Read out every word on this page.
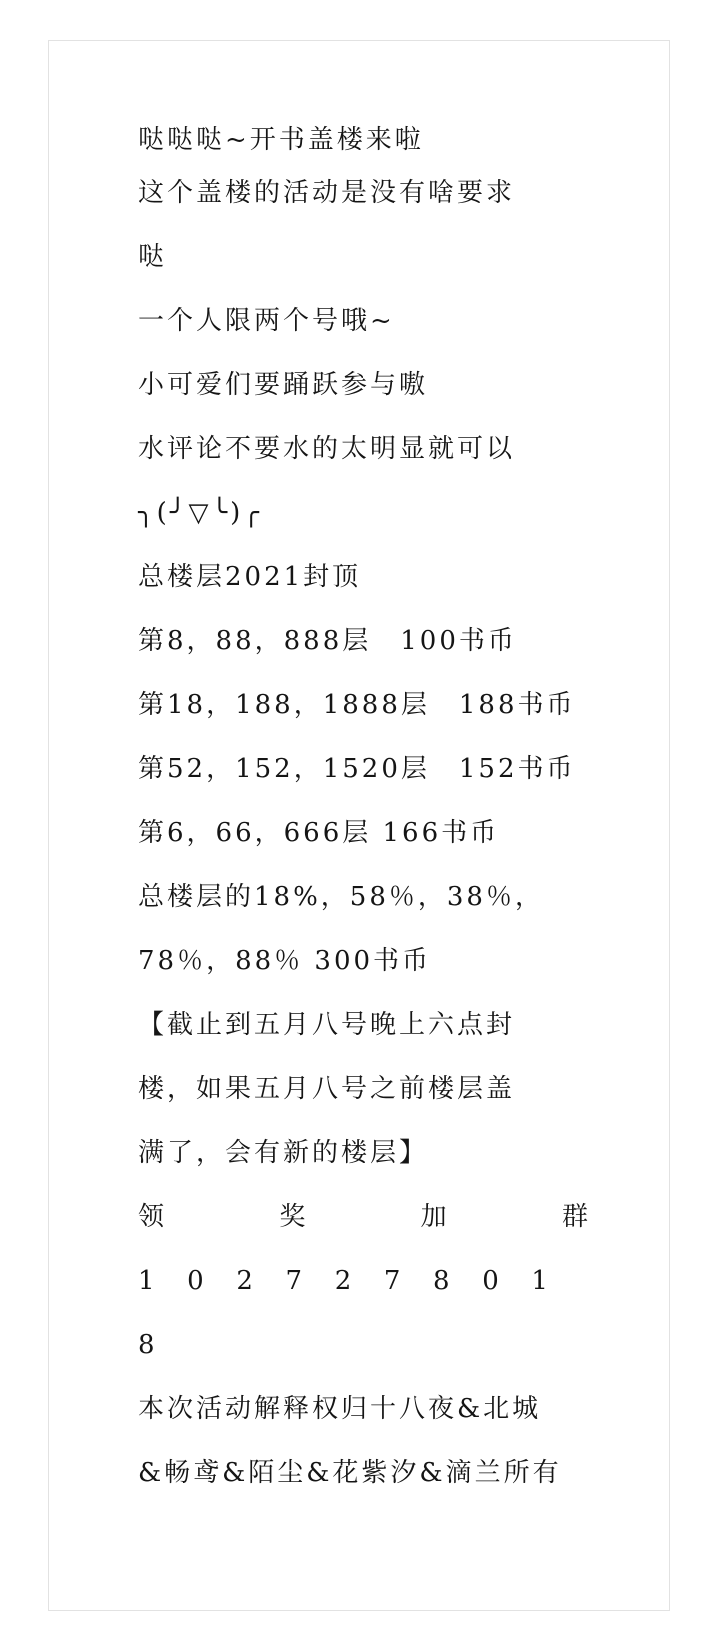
哒哒哒~开书盖楼来啦
这个盖楼的活动是没有啥要求
哒
一个人限两个号哦~
小可爱们要踊跃参与嗷
水评论不要水的太明显就可以
╮(╯▽╰)╭
总楼层2021封顶
第8，88，888层　100书币
第18，188，1888层　188书币
第52，152，1520层　152书币
第6，66，666层 166书币
总楼层的18%，58％，38％，
78％，88％ 300书币
【截止到五月八号晚上六点封
楼，如果五月八号之前楼层盖
满了，会有新的楼层】
领	奖	加	群
1 0 2 7 2 7 8 0 1
8
本次活动解释权归十八夜&北城
&畅鸢&陌尘&花紫汐&滴兰所有
